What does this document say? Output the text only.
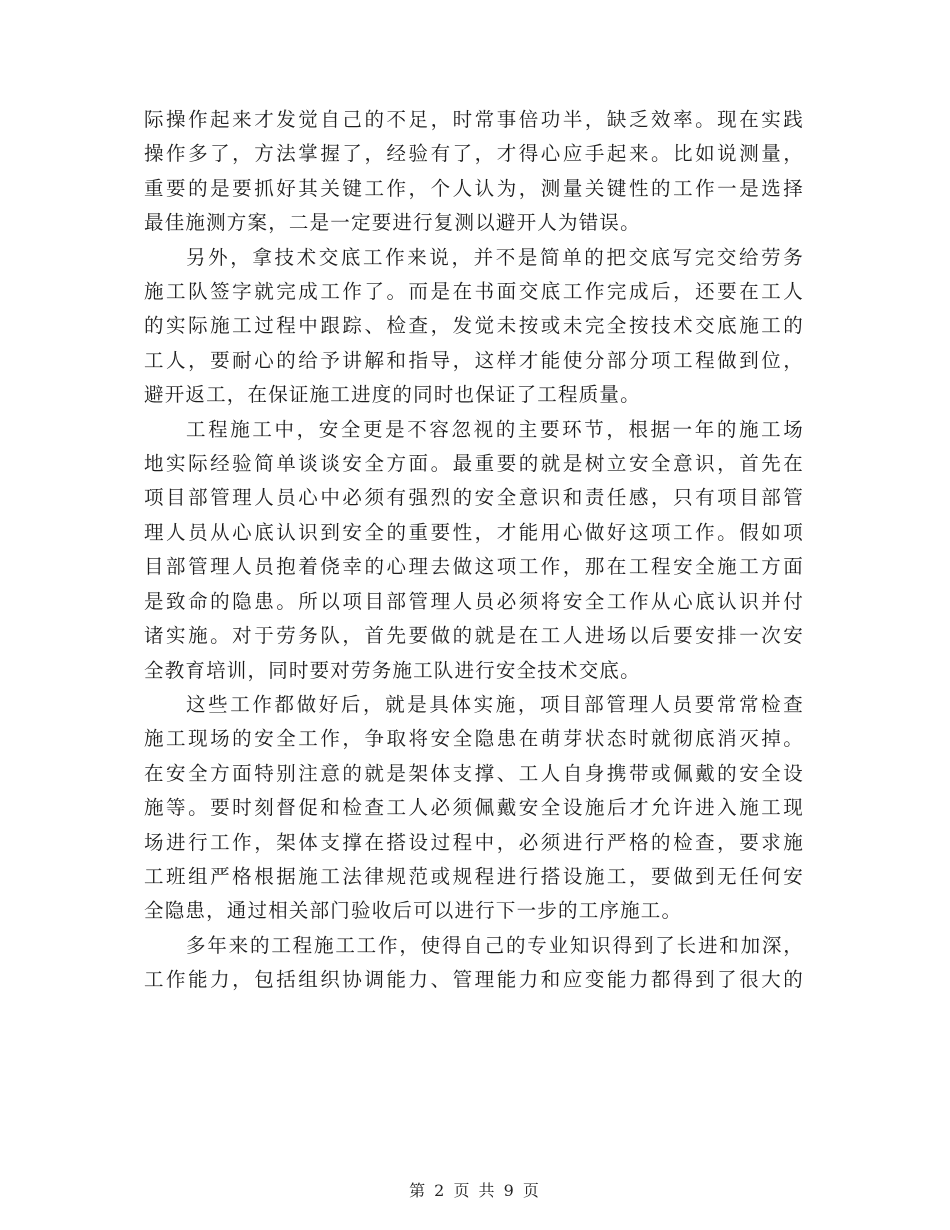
际操作起来才发觉自己的不足，时常事倍功半，缺乏效率。现在实践
操作多了，方法掌握了，经验有了，才得心应手起来。比如说测量，
重要的是要抓好其关键工作，个人认为，测量关键性的工作一是选择
最佳施测方案，二是一定要进行复测以避开人为错误。

另外，拿技术交底工作来说，并不是简单的把交底写完交给劳务
施工队签字就完成工作了。而是在书面交底工作完成后，还要在工人
的实际施工过程中跟踪、检查，发觉未按或未完全按技术交底施工的
工人，要耐心的给予讲解和指导，这样才能使分部分项工程做到位，
避开返工，在保证施工进度的同时也保证了工程质量。

工程施工中，安全更是不容忽视的主要环节，根据一年的施工场
地实际经验简单谈谈安全方面。最重要的就是树立安全意识，首先在
项目部管理人员心中必须有强烈的安全意识和责任感，只有项目部管
理人员从心底认识到安全的重要性，才能用心做好这项工作。假如项
目部管理人员抱着侥幸的心理去做这项工作，那在工程安全施工方面
是致命的隐患。所以项目部管理人员必须将安全工作从心底认识并付
诸实施。对于劳务队，首先要做的就是在工人进场以后要安排一次安
全教育培训，同时要对劳务施工队进行安全技术交底。

这些工作都做好后，就是具体实施，项目部管理人员要常常检查
施工现场的安全工作，争取将安全隐患在萌芽状态时就彻底消灭掉。
在安全方面特别注意的就是架体支撑、工人自身携带或佩戴的安全设
施等。要时刻督促和检查工人必须佩戴安全设施后才允许进入施工现
场进行工作，架体支撑在搭设过程中，必须进行严格的检查，要求施
工班组严格根据施工法律规范或规程进行搭设施工，要做到无任何安
全隐患，通过相关部门验收后可以进行下一步的工序施工。

多年来的工程施工工作，使得自己的专业知识得到了长进和加深，
工作能力，包括组织协调能力、管理能力和应变能力都得到了很大的

第 2 页 共 9 页
